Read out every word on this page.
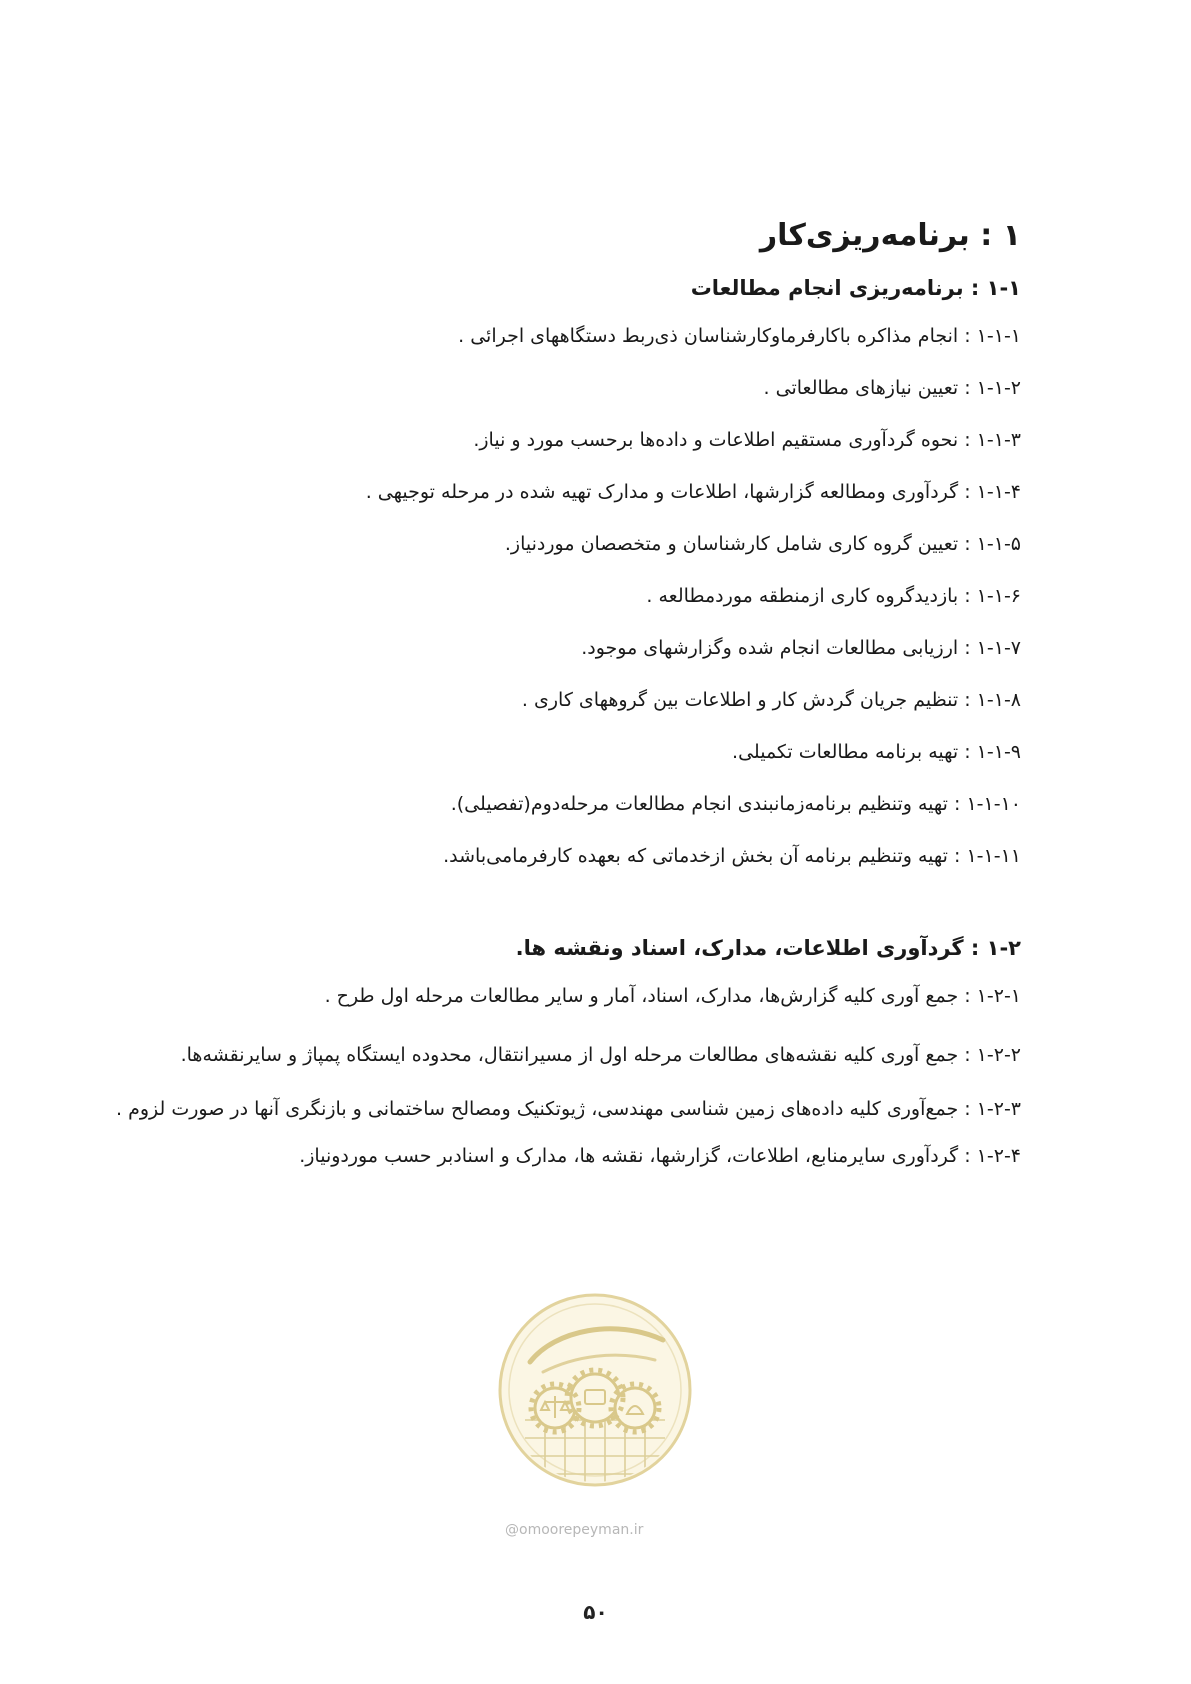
۱ : برنامه‌ریزی‌کار
۱-۱ : برنامه‌ریزی انجام مطالعات
۱-۱-۱ : انجام مذاکره باکارفرماوکارشناسان ذی‌ربط دستگاههای اجرائی .
۱-۱-۲ : تعیین نیازهای مطالعاتی .
۱-۱-۳ : نحوه گردآوری مستقیم اطلاعات و داده‌ها برحسب مورد و نیاز.
۱-۱-۴ : گردآوری ومطالعه گزارشها، اطلاعات و مدارک تهیه شده در مرحله توجیهی .
۱-۱-۵ : تعیین گروه کاری شامل کارشناسان و متخصصان موردنیاز.
۱-۱-۶ : بازدیدگروه کاری ازمنطقه موردمطالعه .
۱-۱-۷ : ارزیابی مطالعات انجام شده وگزارشهای موجود.
۱-۱-۸ : تنظیم جریان گردش کار و اطلاعات بین گروههای کاری .
۱-۱-۹ : تهیه برنامه مطالعات تکمیلی.
۱-۱-۱۰ : تهیه وتنظیم برنامه‌زمانبندی انجام مطالعات مرحله‌دوم(تفصیلی).
۱-۱-۱۱ : تهیه وتنظیم برنامه آن بخش ازخدماتی که بعهده کارفرمامی‌باشد.
۱-۲ : گردآوری اطلاعات، مدارک، اسناد ونقشه ها.
۱-۲-۱ : جمع آوری کلیه گزارش‌ها، مدارک، اسناد، آمار و سایر مطالعات مرحله اول طرح .
۱-۲-۲ : جمع آوری کلیه نقشه‌های مطالعات مرحله اول از مسیرانتقال، محدوده ایستگاه پمپاژ و سایرنقشه‌ها.
۱-۲-۳ : جمع‌آوری کلیه داده‌های زمین شناسی مهندسی، ژیوتکنیک ومصالح ساختمانی و بازنگری آنها در صورت لزوم .
۱-۲-۴ : گردآوری سایرمنابع، اطلاعات، گزارشها، نقشه ها، مدارک و اسنادبر حسب موردونیاز.
@omoorepeyman.ir
۵۰
